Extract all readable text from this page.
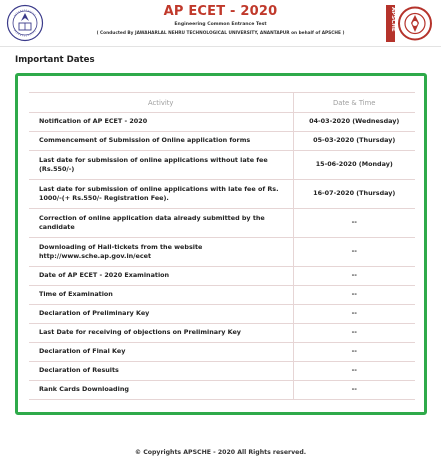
AP ECET - 2020
Engineering Common Entrance Test
( Conducted By JAWAHARLAL NEHRU TECHNOLOGICAL UNIVERSITY, ANANTAPUR on behalf of APSCHE )
APSCHE
Important Dates
Activity	Date & Time
Notification of AP ECET - 2020	04-03-2020 (Wednesday)
Commencement of Submission of Online application forms	05-03-2020 (Thursday)
Last date for submission of online applications without late fee (Rs.550/-)	15-06-2020 (Monday)
Last date for submission of online applications with late fee of Rs. 1000/-(+ Rs.550/- Registration Fee).	16-07-2020 (Thursday)
Correction of online application data already submitted by the candidate	--
Downloading of Hall-tickets from the website http://www.sche.ap.gov.in/ecet	--
Date of AP ECET - 2020 Examination	--
Time of Examination	--
Declaration of Preliminary Key	--
Last Date for receiving of objections on Preliminary Key	--
Declaration of Final Key	--
Declaration of Results	--
Rank Cards Downloading	--
© Copyrights APSCHE - 2020 All Rights reserved.
